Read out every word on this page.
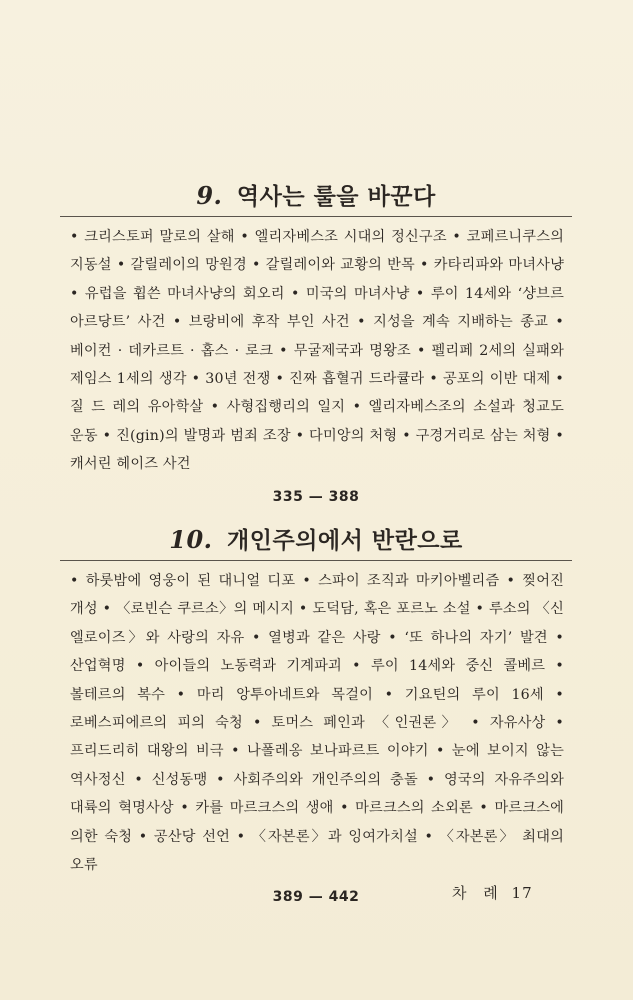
9. 역사는 룰을 바꾼다
• 크리스토퍼 말로의 살해 • 엘리자베스조 시대의 정신구조 • 코페르니쿠스의 지동설 • 갈릴레이의 망원경 • 갈릴레이와 교황의 반목 • 카타리파와 마녀사냥 • 유럽을 휩쓴 마녀사냥의 회오리 • 미국의 마녀사냥 • 루이 14세와 ‘샹브르 아르당트’ 사건 • 브랑비에 후작 부인 사건 • 지성을 계속 지배하는 종교 • 베이컨 · 데카르트 · 홉스 · 로크 • 무굴제국과 명왕조 • 펠리페 2세의 실패와 제임스 1세의 생각 • 30년 전쟁 • 진짜 흡혈귀 드라큘라 • 공포의 이반 대제 • 질 드 레의 유아학살 • 사형집행리의 일지 • 엘리자베스조의 소설과 청교도 운동 • 진(gin)의 발명과 범죄 조장 • 다미앙의 처형 • 구경거리로 삼는 처형 • 캐서린 헤이즈 사건
335 — 388
10. 개인주의에서 반란으로
• 하룻밤에 영웅이 된 대니얼 디포 • 스파이 조직과 마키아벨리즘 • 찢어진 개성 • 〈로빈슨 쿠르소〉의 메시지 • 도덕담, 혹은 포르노 소설 • 루소의 〈신 엘로이즈〉와 사랑의 자유 • 열병과 같은 사랑 • ‘또 하나의 자기’ 발견 • 산업혁명 • 아이들의 노동력과 기계파괴 • 루이 14세와 중신 콜베르 • 볼테르의 복수 • 마리 앙투아네트와 목걸이 • 기요틴의 루이 16세 • 로베스피에르의 피의 숙청 • 토머스 페인과 〈인권론〉 • 자유사상 • 프리드리히 대왕의 비극 • 나폴레옹 보나파르트 이야기 • 눈에 보이지 않는 역사정신 • 신성동맹 • 사회주의와 개인주의의 충돌 • 영국의 자유주의와 대륙의 혁명사상 • 카를 마르크스의 생애 • 마르크스의 소외론 • 마르크스에 의한 숙청 • 공산당 선언 • 〈자본론〉과 잉여가치설 • 〈자본론〉 최대의 오류
389 — 442	차 례 17
